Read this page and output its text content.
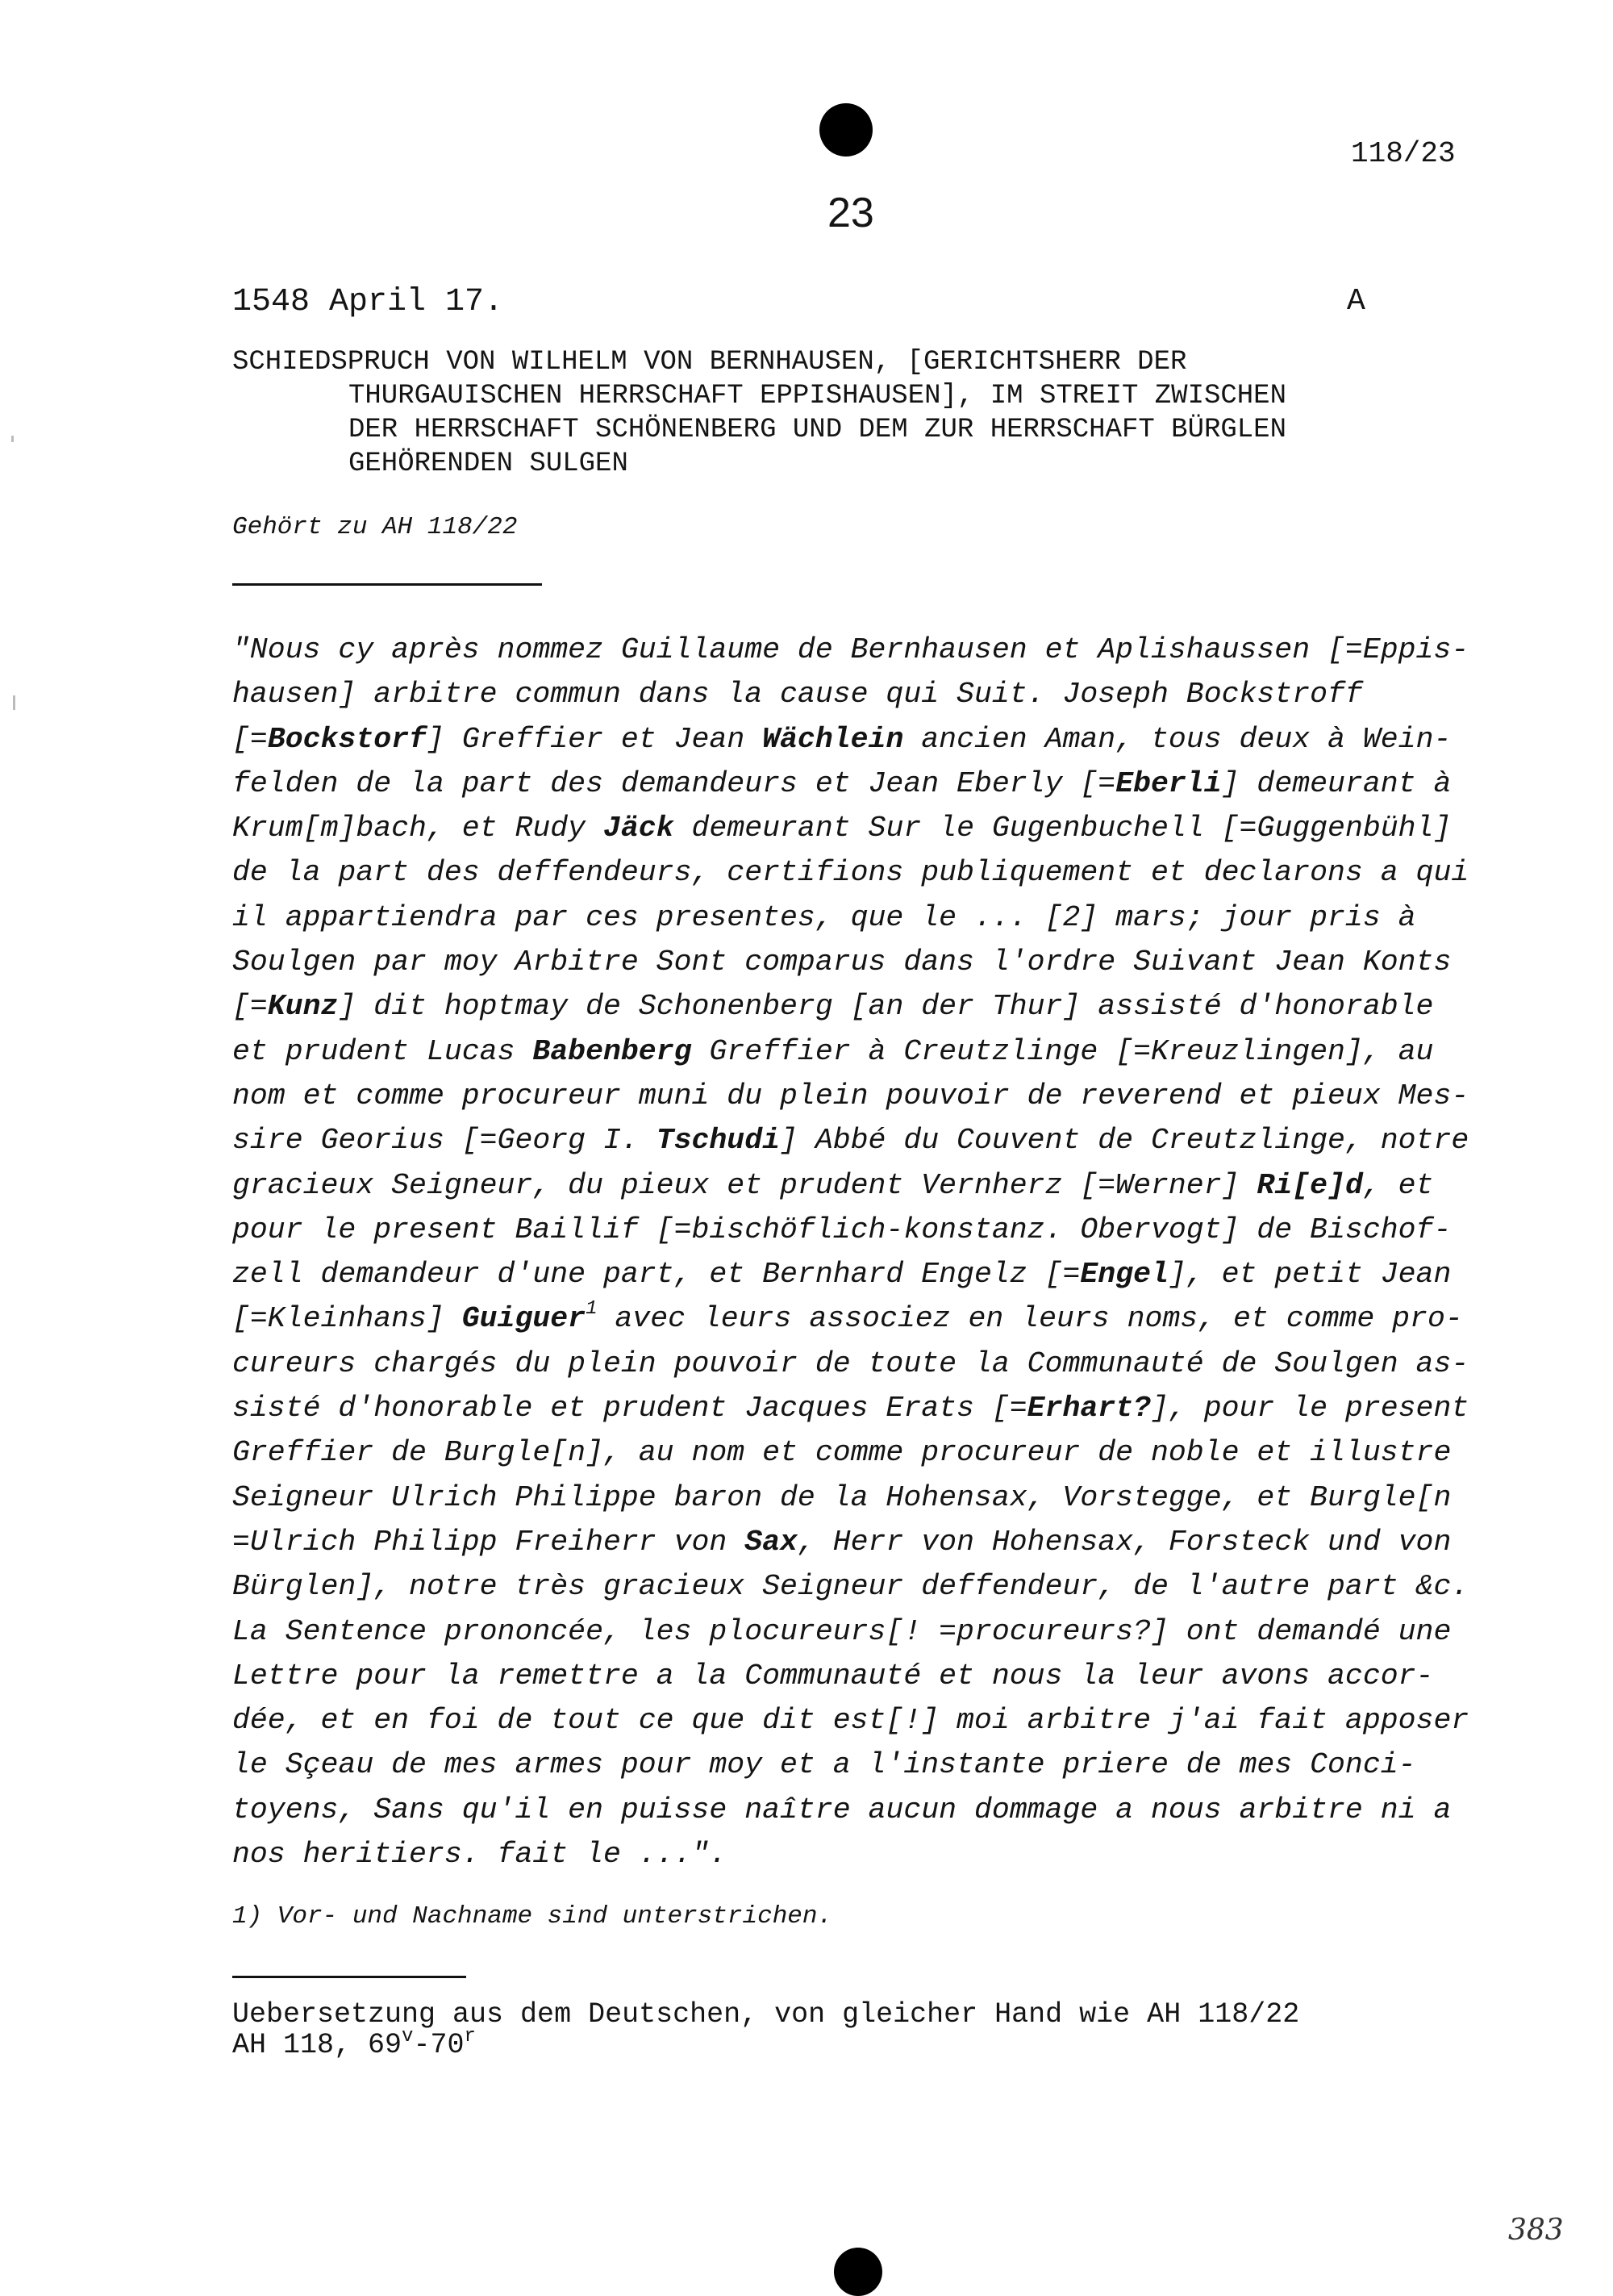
23
118/23
1548 April 17.	A
SCHIEDSPRUCH VON WILHELM VON BERNHAUSEN, [GERICHTSHERR DER
THURGAUISCHEN HERRSCHAFT EPPISHAUSEN], IM STREIT ZWISCHEN
DER HERRSCHAFT SCHÖNENBERG UND DEM ZUR HERRSCHAFT BÜRGLEN
GEHÖRENDEN SULGEN
Gehört zu AH 118/22
"Nous cy après nommez Guillaume de Bernhausen et Aplishaussen [=Eppis-
hausen] arbitre commun dans la cause qui Suit. Joseph Bockstroff
[=Bockstorf] Greffier et Jean Wächlein ancien Aman, tous deux à Wein-
felden de la part des demandeurs et Jean Eberly [=Eberli] demeurant à
Krum[m]bach, et Rudy Jäck demeurant Sur le Gugenbuchell [=Guggenbühl]
de la part des deffendeurs, certifions publiquement et declarons a qui
il appartiendra par ces presentes, que le ... [2] mars; jour pris à
Soulgen par moy Arbitre Sont comparus dans l'ordre Suivant Jean Konts
[=Kunz] dit hoptmay de Schonenberg [an der Thur] assisté d'honorable
et prudent Lucas Babenberg Greffier à Creutzlinge [=Kreuzlingen], au
nom et comme procureur muni du plein pouvoir de reverend et pieux Mes-
sire Georius [=Georg I. Tschudi] Abbé du Couvent de Creutzlinge, notre
gracieux Seigneur, du pieux et prudent Vernherz [=Werner] Ri[e]d, et
pour le present Baillif [=bischöflich-konstanz. Obervogt] de Bischof-
zell demandeur d'une part, et Bernhard Engelz [=Engel], et petit Jean
[=Kleinhans] Guiguer$^1$ avec leurs associez en leurs noms, et comme pro-
cureurs chargés du plein pouvoir de toute la Communauté de Soulgen as-
sisté d'honorable et prudent Jacques Erats [=Erhart?], pour le present
Greffier de Burgle[n], au nom et comme procureur de noble et illustre
Seigneur Ulrich Philippe baron de la Hohensax, Vorstegge, et Burgle[n
=Ulrich Philipp Freiherr von Sax, Herr von Hohensax, Forsteck und von
Bürglen], notre très gracieux Seigneur deffendeur, de l'autre part &c.
La Sentence prononcée, les plocureurs[! =procureurs?] ont demandé une
Lettre pour la remettre a la Communauté et nous la leur avons accor-
dée, et en foi de tout ce que dit est[!] moi arbitre j'ai fait apposer
le Sçeau de mes armes pour moy et a l'instante priere de mes Conci-
toyens, Sans qu'il en puisse naître aucun dommage a nous arbitre ni a
nos heritiers. fait le ...".
1) Vor- und Nachname sind unterstrichen.
Uebersetzung aus dem Deutschen, von gleicher Hand wie AH 118/22
AH 118, 69$^v$-70$^r$
383
